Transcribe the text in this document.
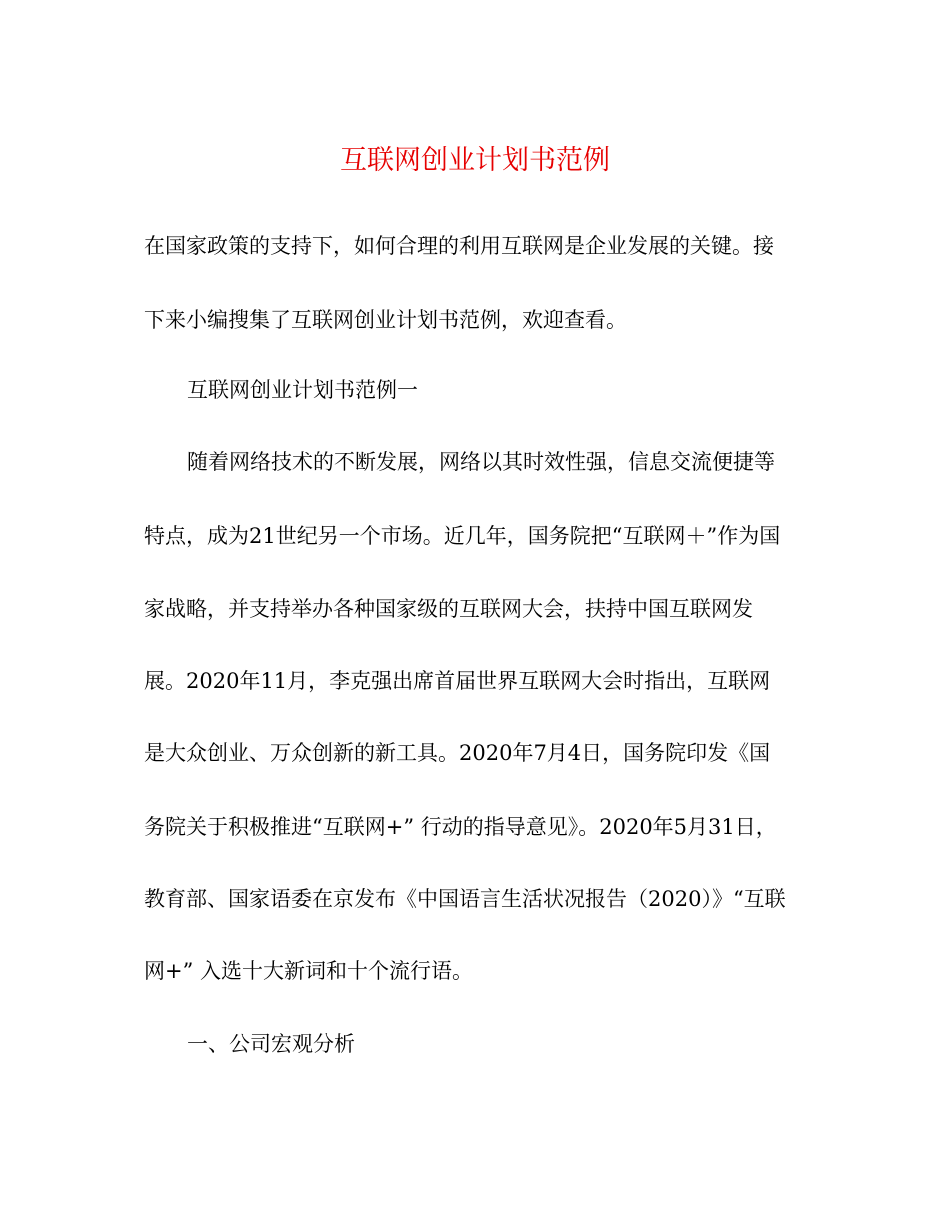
互联网创业计划书范例

在国家政策的支持下，如何合理的利用互联网是企业发展的关键。接

下来小编搜集了互联网创业计划书范例，欢迎查看。

互联网创业计划书范例一

随着网络技术的不断发展，网络以其时效性强，信息交流便捷等

特点，成为21世纪另一个市场。近几年，国务院把“互联网＋”作为国

家战略，并支持举办各种国家级的互联网大会，扶持中国互联网发

展。2020年11月，李克强出席首届世界互联网大会时指出，互联网

是大众创业、万众创新的新工具。2020年7月4日，国务院印发《国

务院关于积极推进“互联网+” 行动的指导意见》。2020年5月31日，

教育部、国家语委在京发布《中国语言生活状况报告（2020）》“互联

网+” 入选十大新词和十个流行语。

一、公司宏观分析
